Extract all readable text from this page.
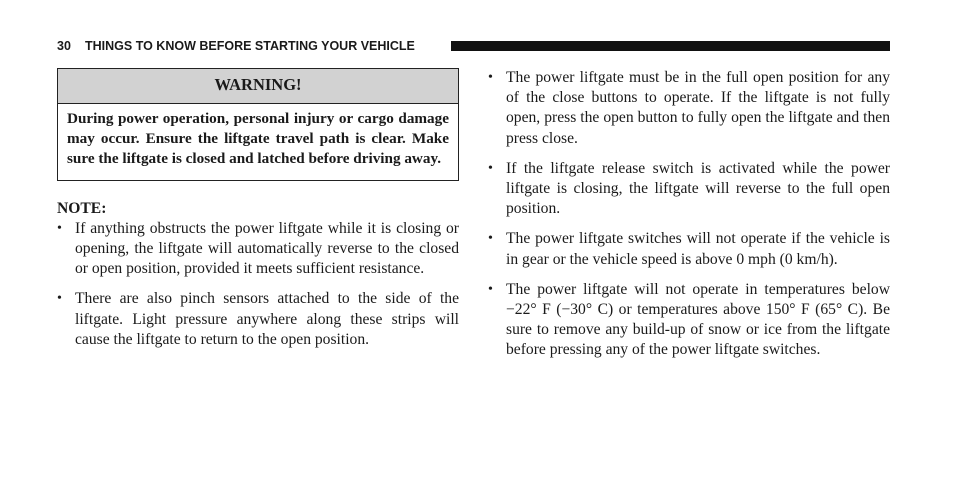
30 THINGS TO KNOW BEFORE STARTING YOUR VEHICLE
WARNING!
During power operation, personal injury or cargo damage may occur. Ensure the liftgate travel path is clear. Make sure the liftgate is closed and latched before driving away.
NOTE:
• If anything obstructs the power liftgate while it is closing or opening, the liftgate will automatically reverse to the closed or open position, provided it meets sufficient resistance.
• There are also pinch sensors attached to the side of the liftgate. Light pressure anywhere along these strips will cause the liftgate to return to the open position.
• The power liftgate must be in the full open position for any of the close buttons to operate. If the liftgate is not fully open, press the open button to fully open the liftgate and then press close.
• If the liftgate release switch is activated while the power liftgate is closing, the liftgate will reverse to the full open position.
• The power liftgate switches will not operate if the vehicle is in gear or the vehicle speed is above 0 mph (0 km/h).
• The power liftgate will not operate in temperatures below −22° F (−30° C) or temperatures above 150° F (65° C). Be sure to remove any build-up of snow or ice from the liftgate before pressing any of the power liftgate switches.
